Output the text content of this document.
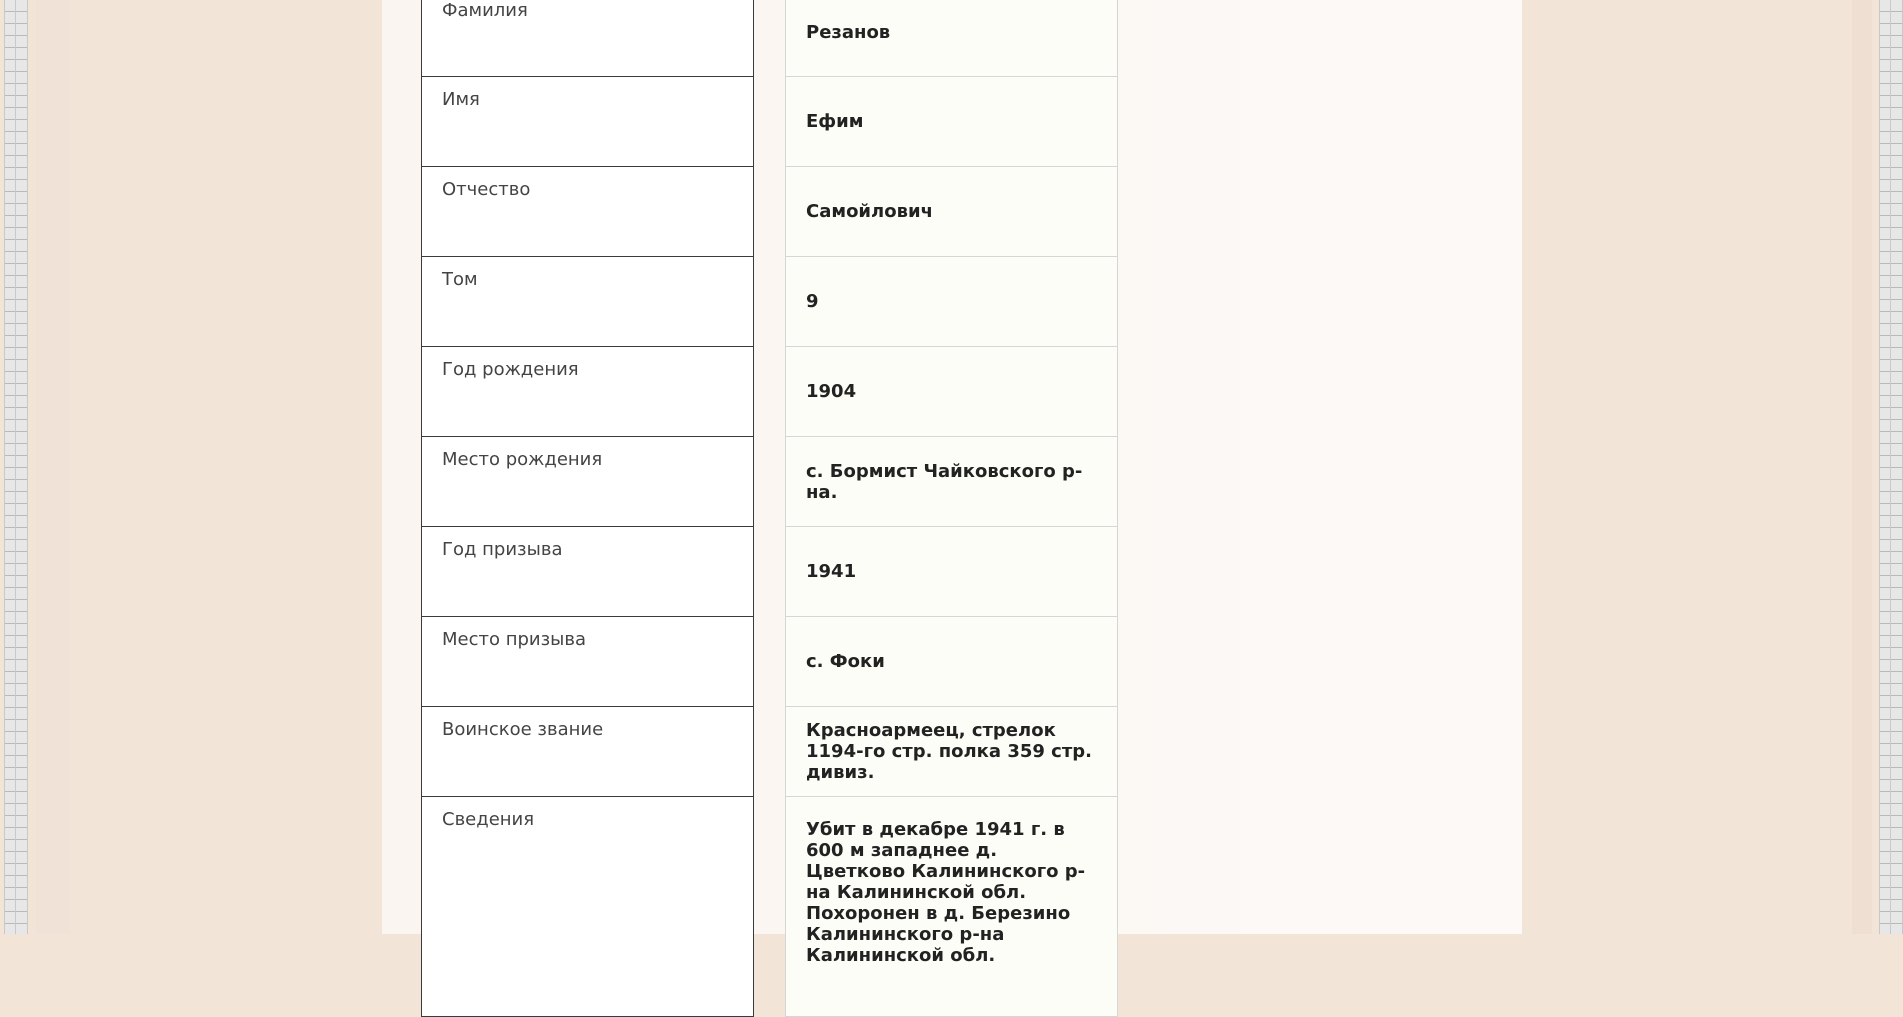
Фамилия
Резанов
Имя
Ефим
Отчество
Самойлович
Том
9
Год рождения
1904
Место рождения
с. Бормист Чайковского р-на.
Год призыва
1941
Место призыва
с. Фоки
Воинское звание	Красноармеец, стрелок 1194-го стр. полка 359 стр. дивиз.
Сведения	Убит в декабре 1941 г. в 600 м западнее д. Цветково Калининского р-на Калининской обл. Похоронен в д. Березино Калининского р-на Калининской обл.
